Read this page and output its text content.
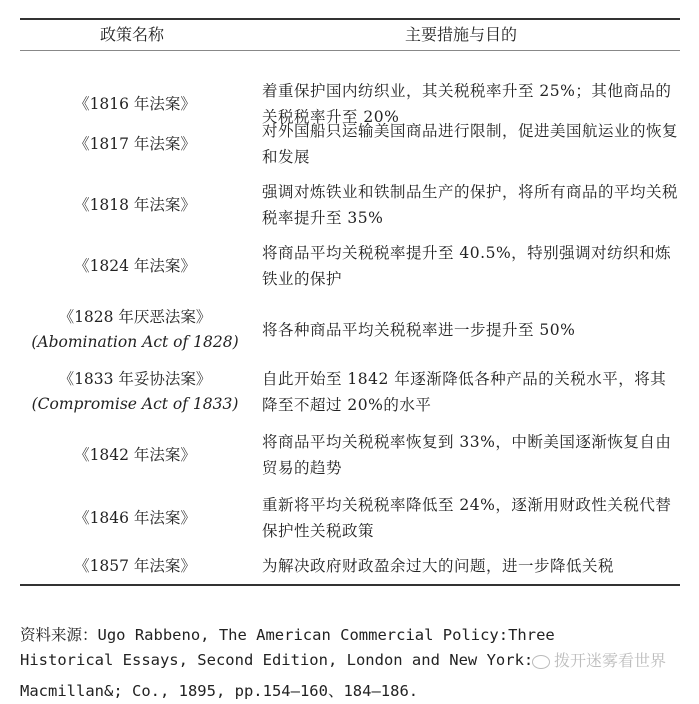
政策名称	主要措施与目的
《1816 年法案》
着重保护国内纺织业，其关税税率升至 25%；其他商品的关税税率升至 20%
《1817 年法案》
对外国船只运输美国商品进行限制，促进美国航运业的恢复和发展
《1818 年法案》
强调对炼铁业和铁制品生产的保护，将所有商品的平均关税税率提升至 35%
《1824 年法案》
将商品平均关税税率提升至 40.5%，特别强调对纺织和炼铁业的保护
《1828 年厌恶法案》
(Abomination Act of 1828)
将各种商品平均关税税率进一步提升至 50%
《1833 年妥协法案》
(Compromise Act of 1833)
自此开始至 1842 年逐渐降低各种产品的关税水平，将其降至不超过 20%的水平
《1842 年法案》
将商品平均关税税率恢复到 33%，中断美国逐渐恢复自由贸易的趋势
《1846 年法案》
重新将平均关税税率降低至 24%，逐渐用财政性关税代替保护性关税政策
《1857 年法案》	为解决政府财政盈余过大的问题，进一步降低关税
资料来源：Ugo Rabbeno, The American Commercial Policy:Three
Historical Essays, Second Edition, London and New York:
Macmillan&; Co., 1895, pp.154—160、184—186.
拨开迷雾看世界
